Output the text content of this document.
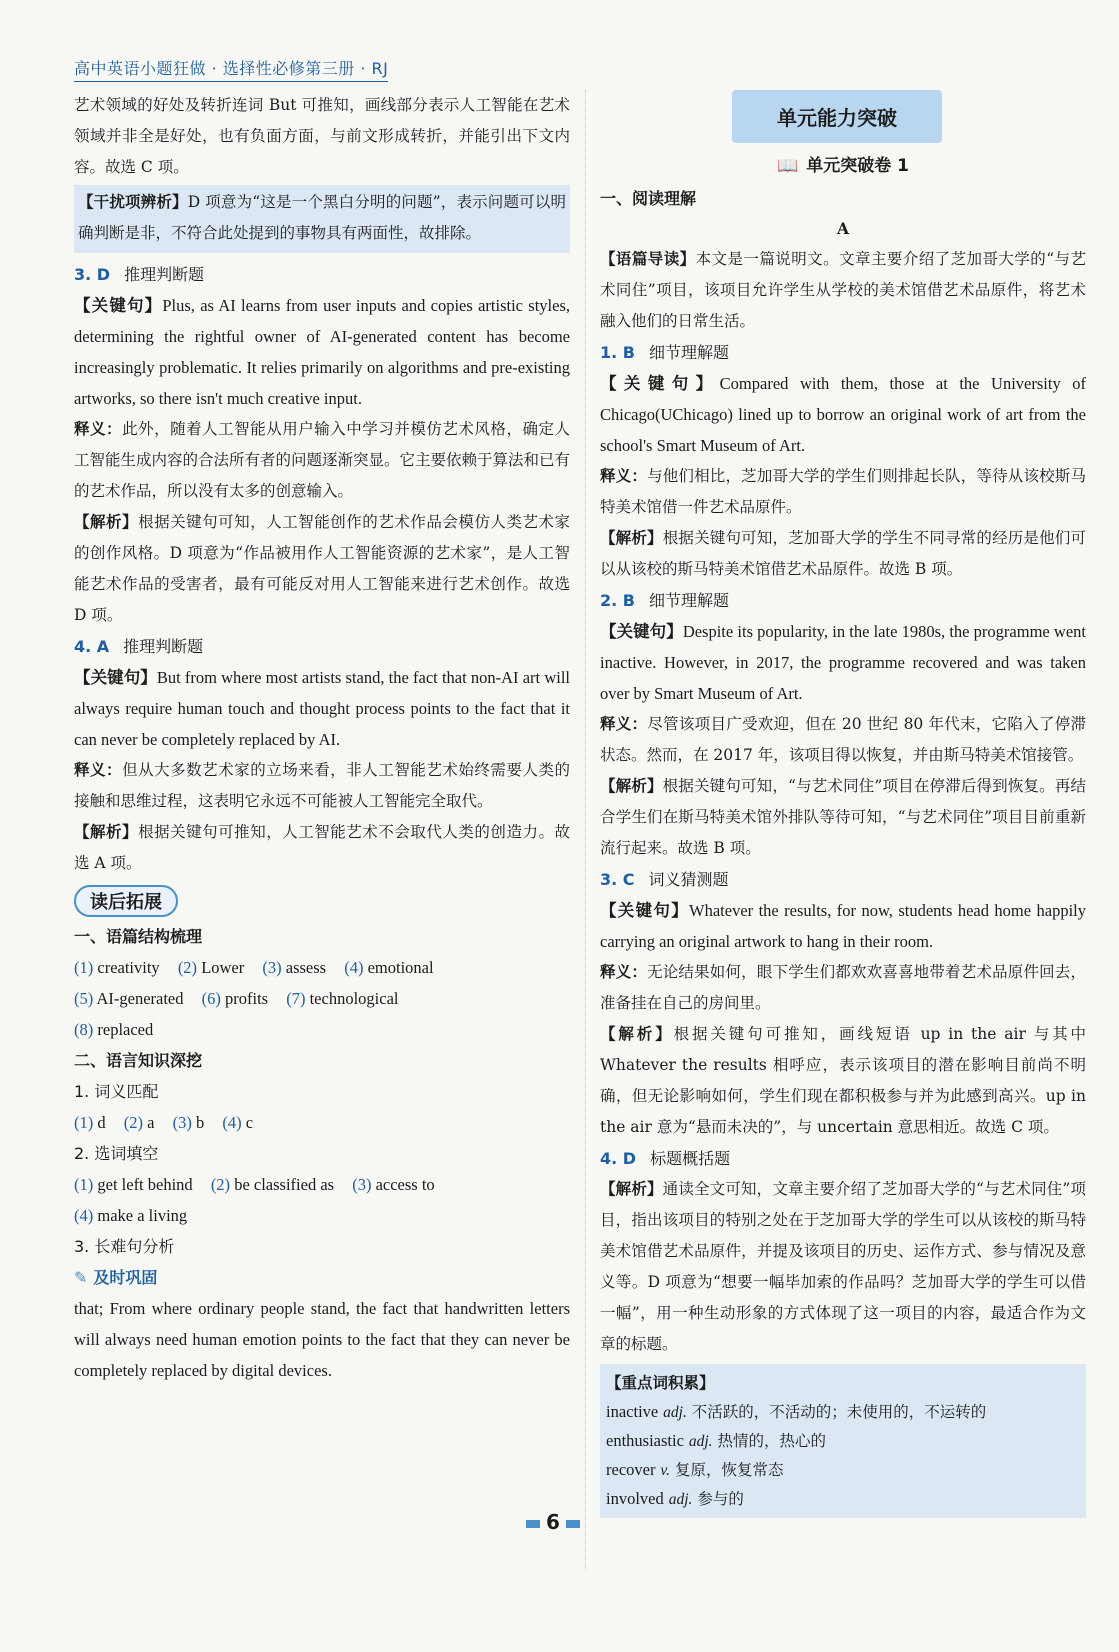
高中英语小题狂做 · 选择性必修第三册 · RJ

艺术领域的好处及转折连词 But 可推知，画线部分表示人工智能在艺术领域并非全是好处，也有负面方面，与前文形成转折，并能引出下文内容。故选 C 项。

【干扰项辨析】D 项意为“这是一个黑白分明的问题”，表示问题可以明确判断是非，不符合此处提到的事物具有两面性，故排除。

3. D 推理判断题

【关键句】Plus, as AI learns from user inputs and copies artistic styles, determining the rightful owner of AI-generated content has become increasingly problematic. It relies primarily on algorithms and pre-existing artworks, so there isn't much creative input.

释义：此外，随着人工智能从用户输入中学习并模仿艺术风格，确定人工智能生成内容的合法所有者的问题逐渐突显。它主要依赖于算法和已有的艺术作品，所以没有太多的创意输入。

【解析】根据关键句可知，人工智能创作的艺术作品会模仿人类艺术家的创作风格。D 项意为“作品被用作人工智能资源的艺术家”，是人工智能艺术作品的受害者，最有可能反对用人工智能来进行艺术创作。故选 D 项。

4. A 推理判断题

【关键句】But from where most artists stand, the fact that non-AI art will always require human touch and thought process points to the fact that it can never be completely replaced by AI.

释义：但从大多数艺术家的立场来看，非人工智能艺术始终需要人类的接触和思维过程，这表明它永远不可能被人工智能完全取代。

【解析】根据关键句可推知，人工智能艺术不会取代人类的创造力。故选 A 项。

读后拓展
一、语篇结构梳理
(1) creativity (2) Lower (3) assess (4) emotional
(5) AI-generated (6) profits (7) technological
(8) replaced
二、语言知识深挖
1. 词义匹配
(1) d (2) a (3) b (4) c
2. 选词填空
(1) get left behind (2) be classified as (3) access to
(4) make a living
3. 长难句分析
✎ 及时巩固

that; From where ordinary people stand, the fact that handwritten letters will always need human emotion points to the fact that they can never be completely replaced by digital devices.

单元能力突破
📖 单元突破卷 1
一、阅读理解
A

【语篇导读】本文是一篇说明文。文章主要介绍了芝加哥大学的“与艺术同住”项目，该项目允许学生从学校的美术馆借艺术品原件，将艺术融入他们的日常生活。

1. B 细节理解题

【关键句】Compared with them, those at the University of Chicago(UChicago) lined up to borrow an original work of art from the school's Smart Museum of Art.

释义：与他们相比，芝加哥大学的学生们则排起长队，等待从该校斯马特美术馆借一件艺术品原件。

【解析】根据关键句可知，芝加哥大学的学生不同寻常的经历是他们可以从该校的斯马特美术馆借艺术品原件。故选 B 项。

2. B 细节理解题

【关键句】Despite its popularity, in the late 1980s, the programme went inactive. However, in 2017, the programme recovered and was taken over by Smart Museum of Art.

释义：尽管该项目广受欢迎，但在 20 世纪 80 年代末，它陷入了停滞状态。然而，在 2017 年，该项目得以恢复，并由斯马特美术馆接管。

【解析】根据关键句可知，“与艺术同住”项目在停滞后得到恢复。再结合学生们在斯马特美术馆外排队等待可知，“与艺术同住”项目目前重新流行起来。故选 B 项。

3. C 词义猜测题

【关键句】Whatever the results, for now, students head home happily carrying an original artwork to hang in their room.

释义：无论结果如何，眼下学生们都欢欢喜喜地带着艺术品原件回去，准备挂在自己的房间里。

【解析】根据关键句可推知，画线短语 up in the air 与其中 Whatever the results 相呼应，表示该项目的潜在影响目前尚不明确，但无论影响如何，学生们现在都积极参与并为此感到高兴。up in the air 意为“悬而未决的”，与 uncertain 意思相近。故选 C 项。

4. D 标题概括题

【解析】通读全文可知，文章主要介绍了芝加哥大学的“与艺术同住”项目，指出该项目的特别之处在于芝加哥大学的学生可以从该校的斯马特美术馆借艺术品原件，并提及该项目的历史、运作方式、参与情况及意义等。D 项意为“想要一幅毕加索的作品吗？芝加哥大学的学生可以借一幅”，用一种生动形象的方式体现了这一项目的内容，最适合作为文章的标题。

【重点词积累】

inactive adj. 不活跃的，不活动的；未使用的，不运转的

enthusiastic adj. 热情的，热心的

recover v. 复原，恢复常态

involved adj. 参与的

6
